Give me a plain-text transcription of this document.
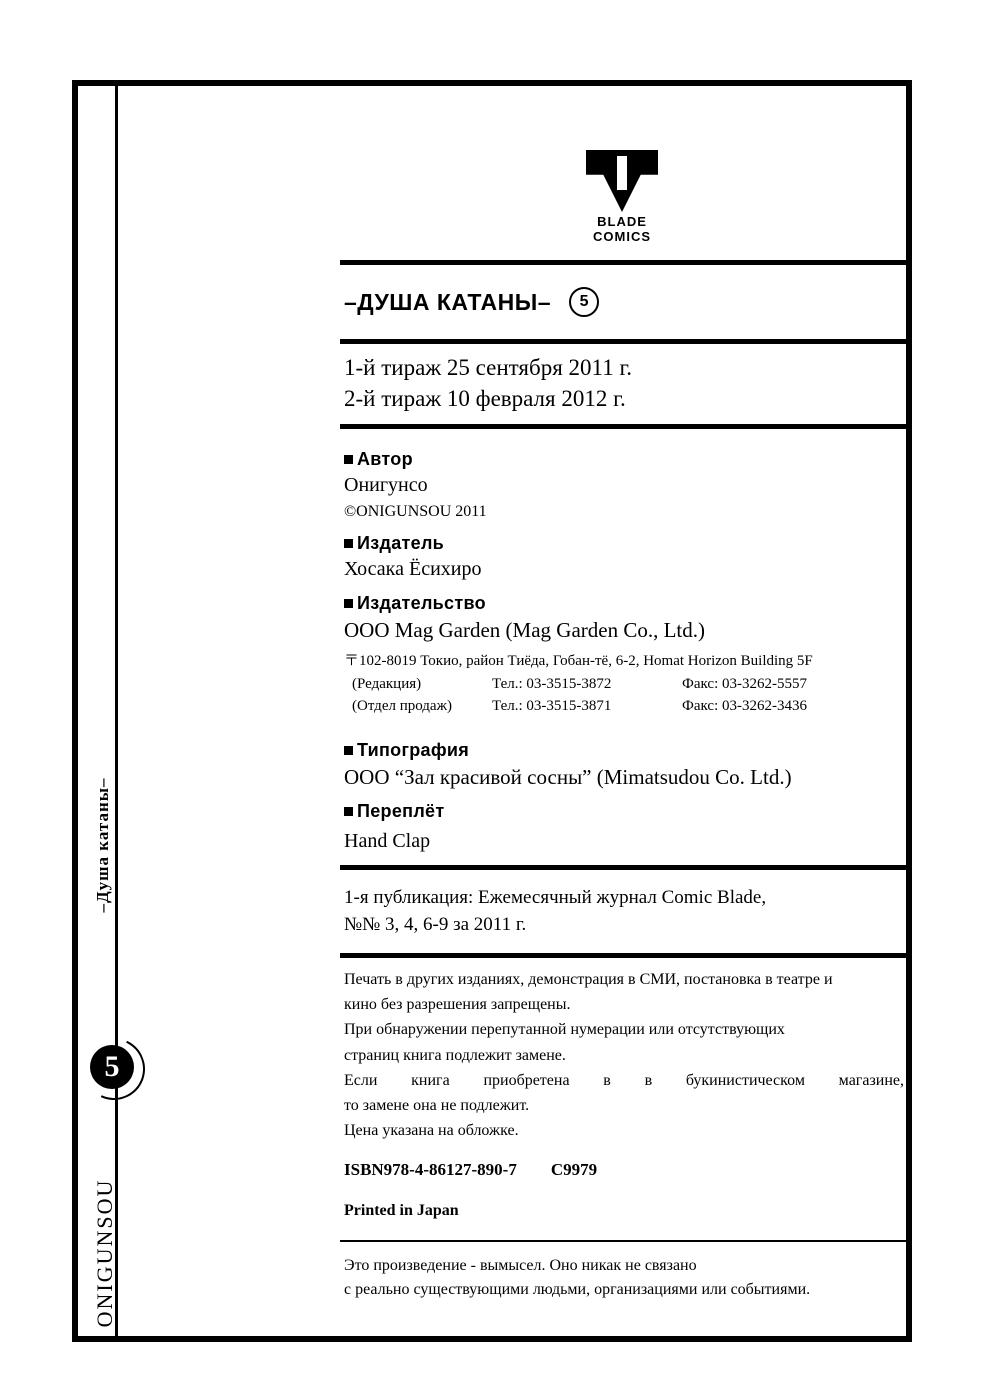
–Душа катаны–
5
ONIGUNSOU
BLADE
COMICS
–ДУША КАТАНЫ–	5
1-й тираж 25 сентября 2011 г.
2-й тираж 10 февраля 2012 г.
Автор
Онигунсо
©ONIGUNSOU 2011
Издатель
Хосака Ёсихиро
Издательство
ООО Mag Garden (Mag Garden Co., Ltd.)
〒102-8019 Токио, район Тиёда, Гобан-тё, 6-2, Homat Horizon Building 5F
(Редакция)	Тел.: 03-3515-3872	Факс: 03-3262-5557
(Отдел продаж)	Тел.: 03-3515-3871	Факс: 03-3262-3436
Типография
ООО “Зал красивой сосны” (Mimatsudou Co. Ltd.)
Переплёт
Hand Clap
1-я публикация: Ежемесячный журнал Comic Blade,
№№ 3, 4, 6-9 за 2011 г.

Печать в других изданиях, демонстрация в СМИ, постановка в театре и

кино без разрешения запрещены.

При обнаружении перепутанной нумерации или отсутствующих

страниц книга подлежит замене.

Если книга приобретена в в букинистическом магазине,

то замене она не подлежит.

Цена указана на обложке.

ISBN978-4-86127-890-7 C9979
Printed in Japan
Это произведение - вымысел. Оно никак не связано
с реально существующими людьми, организациями или событиями.
